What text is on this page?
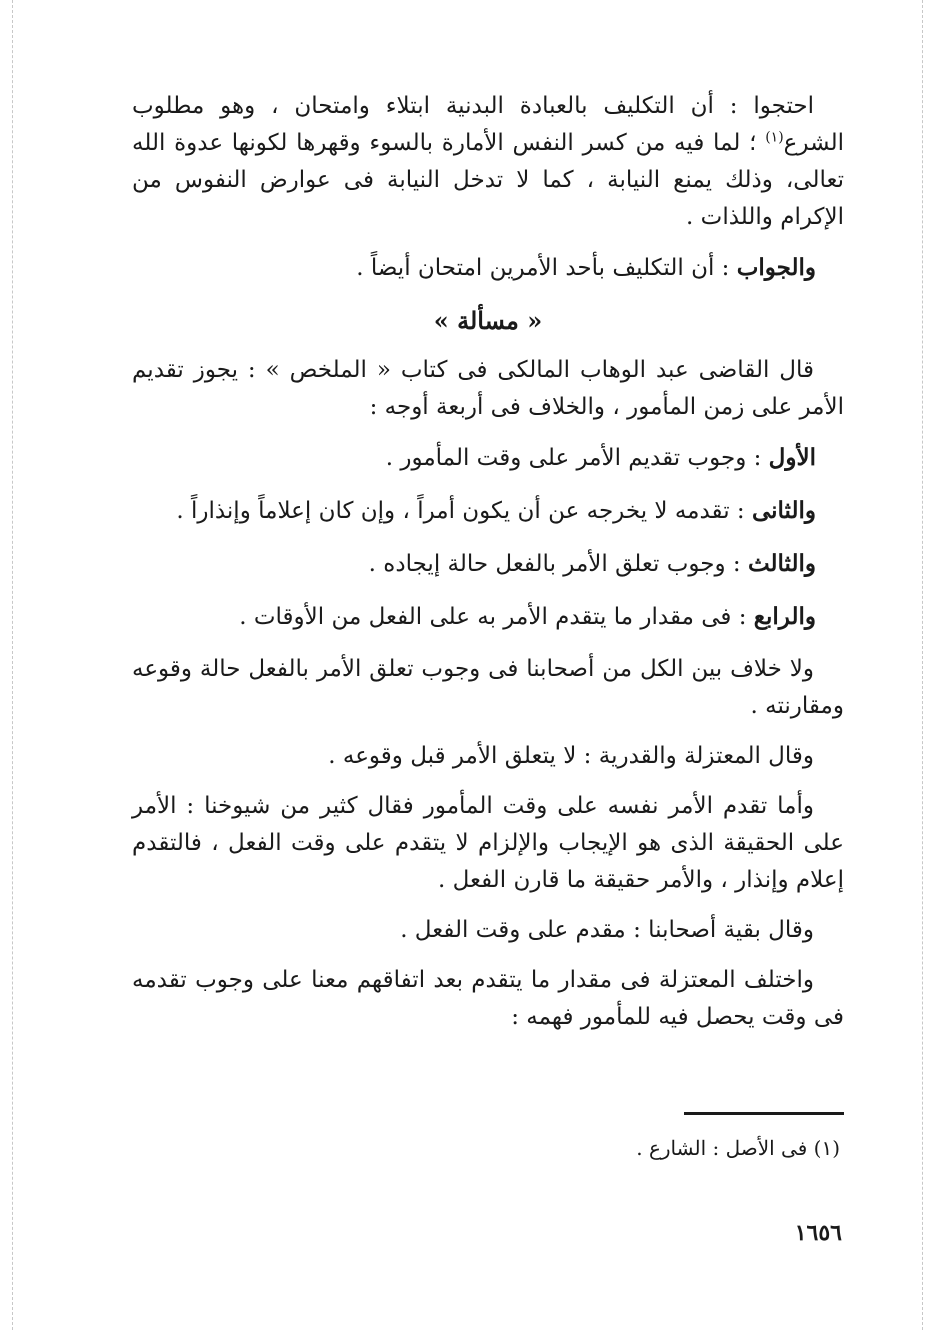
احتجوا : أن التكليف بالعبادة البدنية ابتلاء وامتحان ، وهو مطلوب الشرع$^{(١)}$ ؛ لما فيه من كسر النفس الأمارة بالسوء وقهرها لكونها عدوة الله تعالى، وذلك يمنع النيابة ، كما لا تدخل النيابة فى عوارض النفوس من الإكرام واللذات .

والجواب : أن التكليف بأحد الأمرين امتحان أيضاً .

« مسألة »

قال القاضى عبد الوهاب المالكى فى كتاب « الملخص » : يجوز تقديم الأمر على زمن المأمور ، والخلاف فى أربعة أوجه :

الأول : وجوب تقديم الأمر على وقت المأمور .

والثانى : تقدمه لا يخرجه عن أن يكون أمراً ، وإن كان إعلاماً وإنذاراً .

والثالث : وجوب تعلق الأمر بالفعل حالة إيجاده .

والرابع : فى مقدار ما يتقدم الأمر به على الفعل من الأوقات .

ولا خلاف بين الكل من أصحابنا فى وجوب تعلق الأمر بالفعل حالة وقوعه ومقارنته .

وقال المعتزلة والقدرية : لا يتعلق الأمر قبل وقوعه .

وأما تقدم الأمر نفسه على وقت المأمور فقال كثير من شيوخنا : الأمر على الحقيقة الذى هو الإيجاب والإلزام لا يتقدم على وقت الفعل ، فالتقدم إعلام وإنذار ، والأمر حقيقة ما قارن الفعل .

وقال بقية أصحابنا : مقدم على وقت الفعل .

واختلف المعتزلة فى مقدار ما يتقدم بعد اتفاقهم معنا على وجوب تقدمه فى وقت يحصل فيه للمأمور فهمه :

(١) فى الأصل : الشارع .
١٦٥٦
